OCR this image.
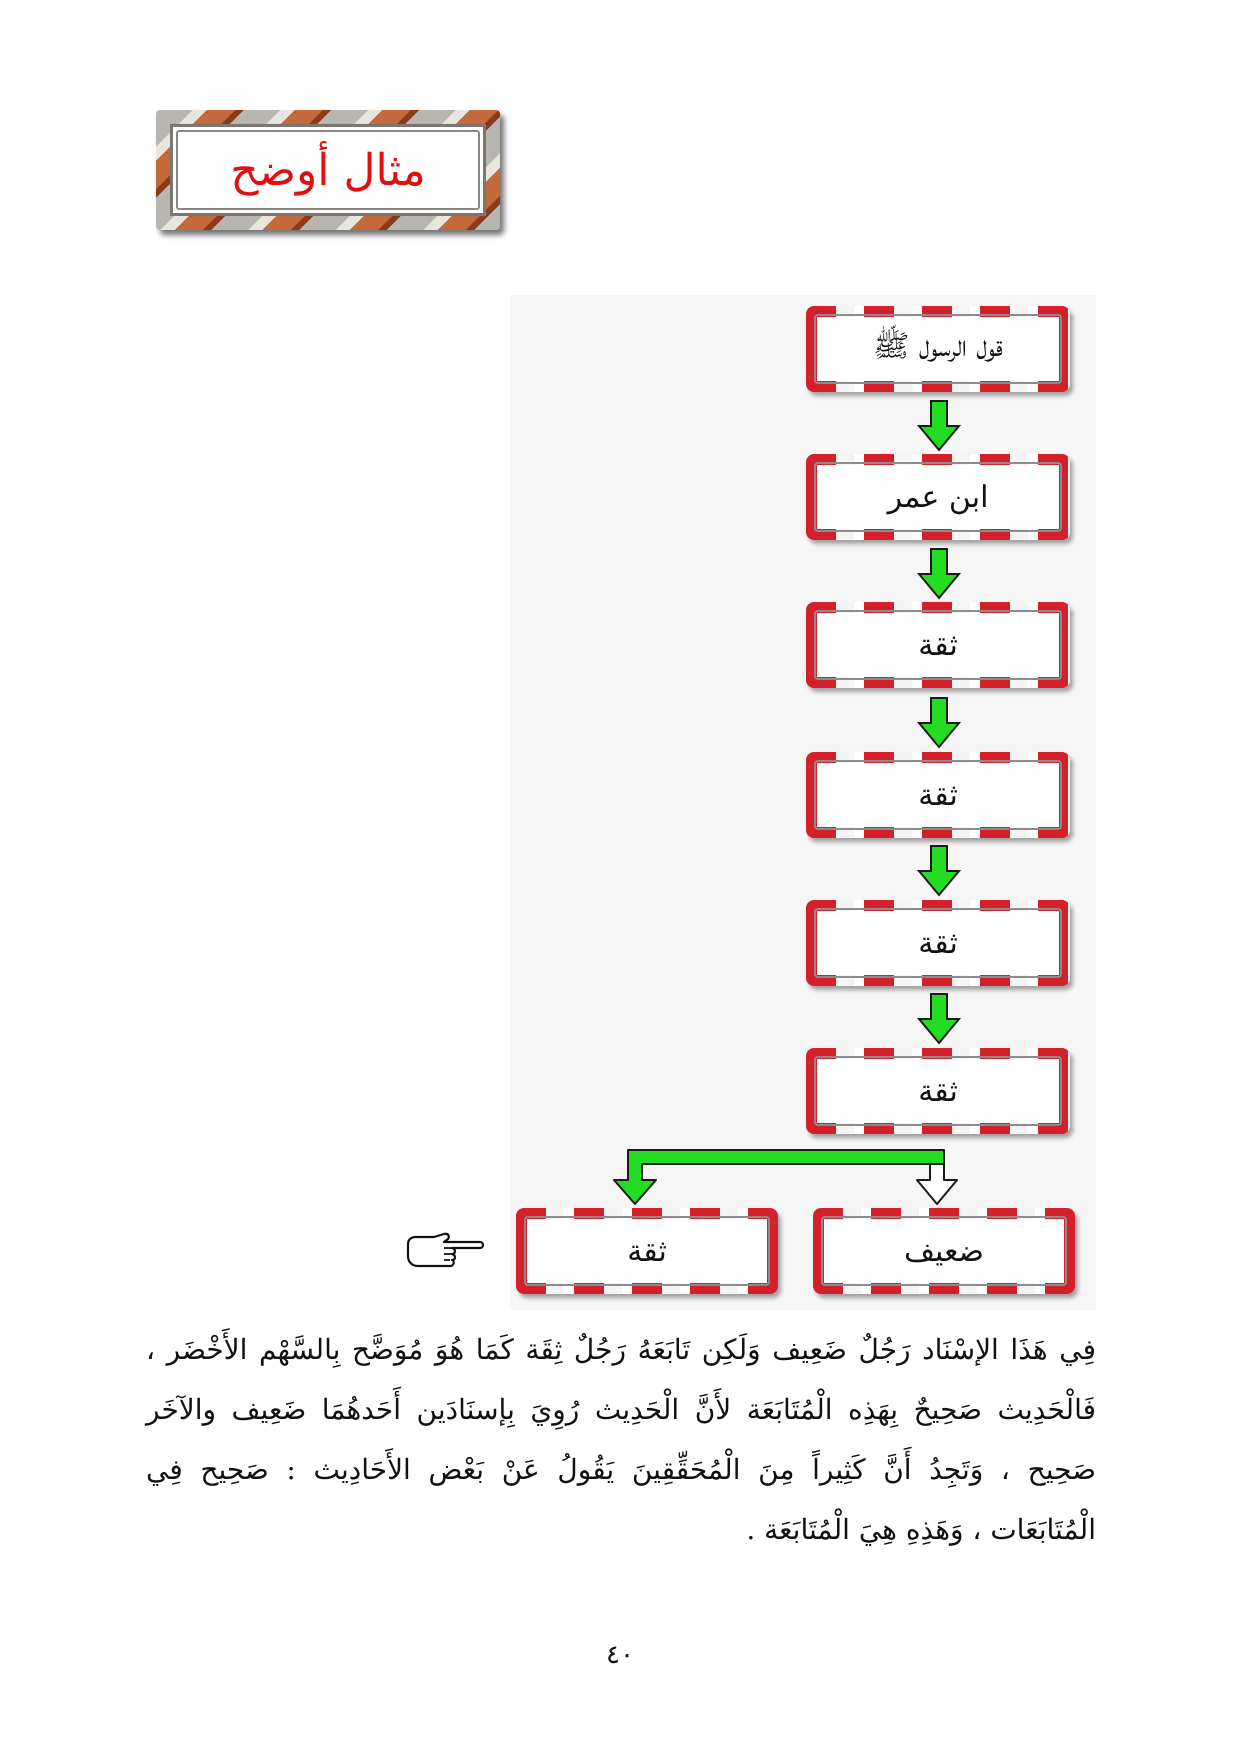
مثال أوضح
قول الرسول ﷺ
ابن عمر
ثقة
ثقة
ثقة
ثقة
ضعيف
ثقة
فِي هَذَا الإسْنَاد رَجُلٌ ضَعِيف وَلَكِن تَابَعَهُ رَجُلٌ ثِقَة كَمَا هُوَ مُوَضَّح بِالسَّهْم الأَخْضَر ، فَالْحَدِيث صَحِيحٌ بِهَذِه الْمُتَابَعَة لأَنَّ الْحَدِيث رُوِيَ بِإسنَادَين أَحَدهُمَا ضَعِيف والآخَر صَحِيح ، وَتَجِدُ أَنَّ كَثِيراً مِنَ الْمُحَقِّقِينَ يَقُولُ عَنْ بَعْض الأَحَادِيث : صَحِيح فِي الْمُتَابَعَات ، وَهَذِهِ هِيَ الْمُتَابَعَة .
٤٠
